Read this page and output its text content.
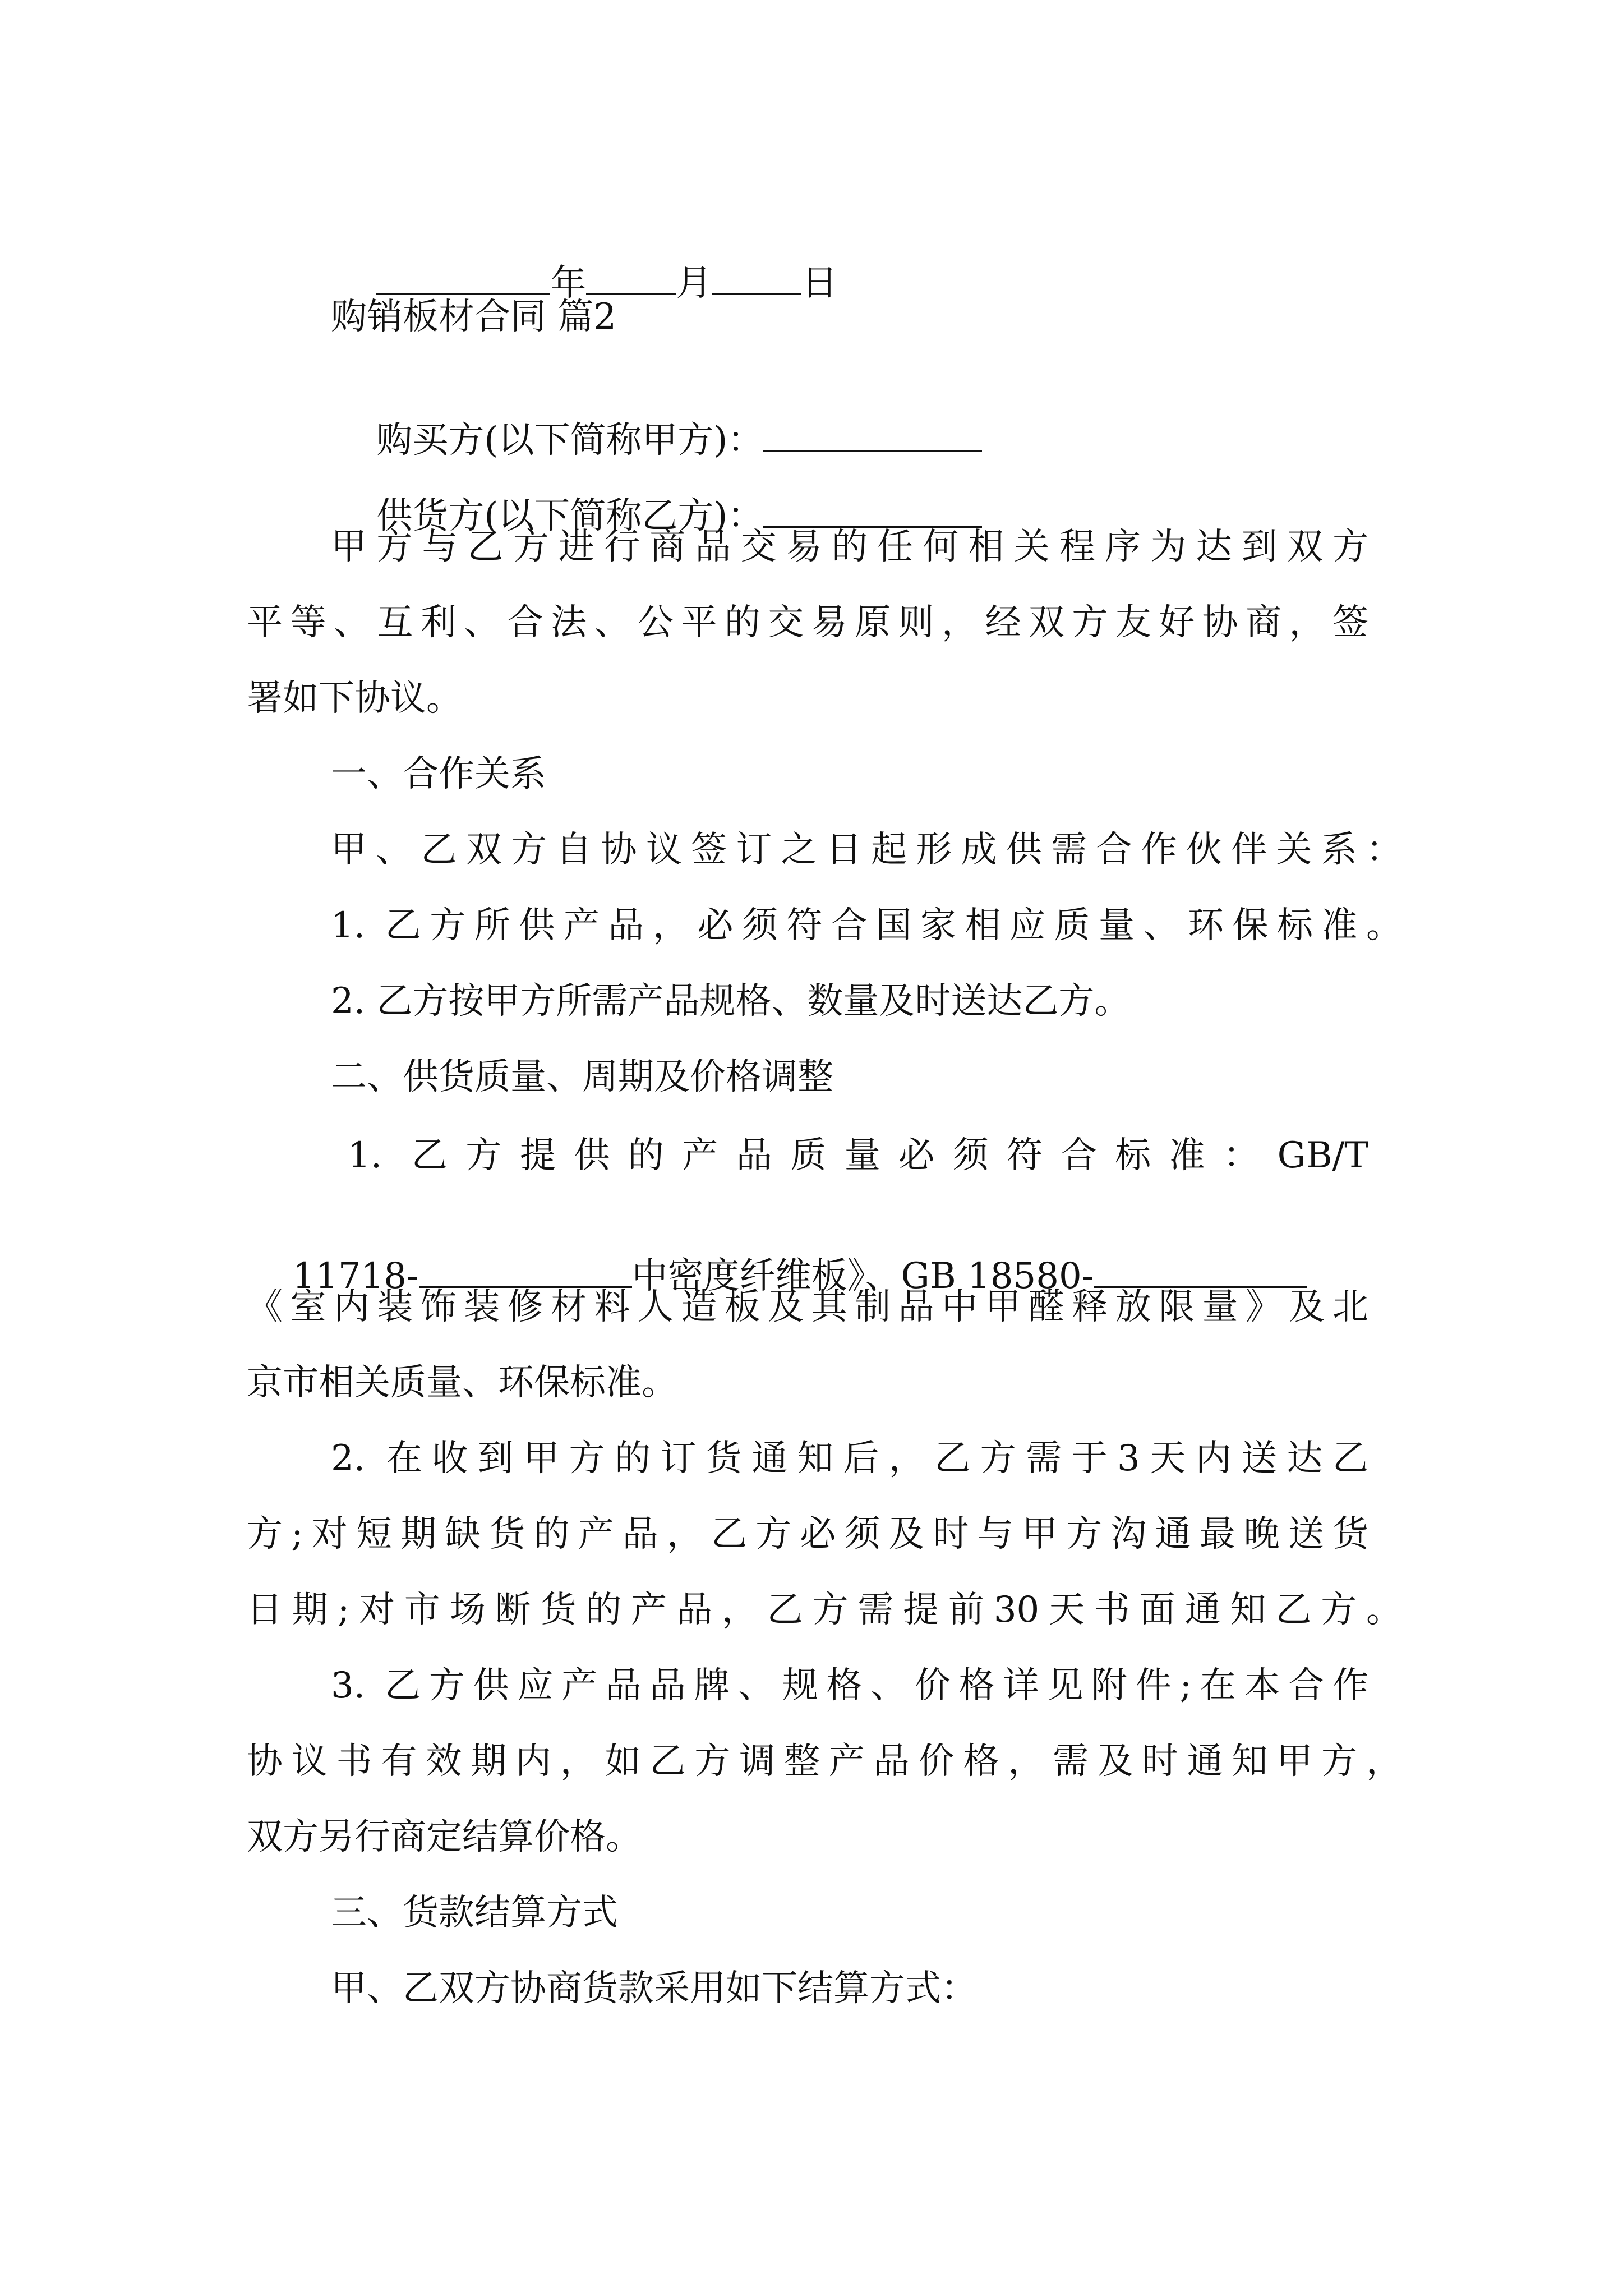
年	月	日

购销板材合同 篇2

购买方(以下简称甲方)：

供货方(以下简称乙方)：

甲方与乙方进行商品交易的任何相关程序为达到双方
平等、互利、合法、公平的交易原则，经双方友好协商，签
署如下协议。
一、合作关系
甲、乙双方自协议签订之日起形成供需合作伙伴关系：
1. 乙方所供产品，必须符合国家相应质量、环保标准。
2. 乙方按甲方所需产品规格、数量及时送达乙方。
二、供货质量、周期及价格调整
1. 乙方提供的产品质量必须符合标准：GB/T

11718-	中密度纤维板》、GB 18580-

《室内装饰装修材料人造板及其制品中甲醛释放限量》及北
京市相关质量、环保标准。
2. 在收到甲方的订货通知后，乙方需于3天内送达乙
方;对短期缺货的产品，乙方必须及时与甲方沟通最晚送货
日期;对市场断货的产品，乙方需提前30天书面通知乙方。
3. 乙方供应产品品牌、规格、价格详见附件;在本合作
协议书有效期内，如乙方调整产品价格，需及时通知甲方，
双方另行商定结算价格。
三、货款结算方式
甲、乙双方协商货款采用如下结算方式：
